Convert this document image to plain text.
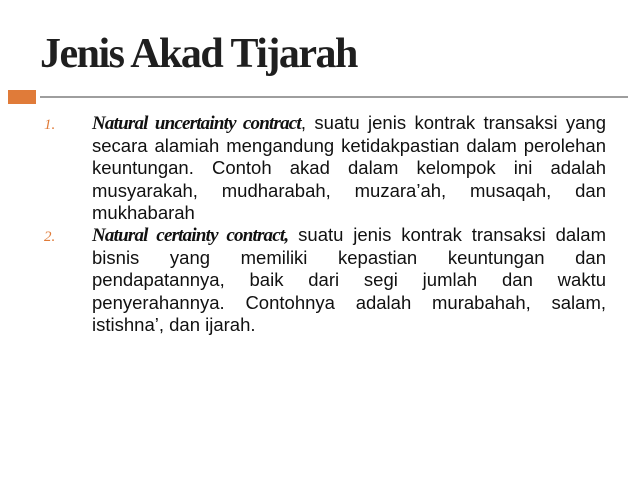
Jenis Akad Tijarah
1. Natural uncertainty contract, suatu jenis kontrak transaksi yang secara alamiah mengandung ketidakpastian dalam perolehan keuntungan. Contoh akad dalam kelompok ini adalah musyarakah, mudharabah, muzara’ah, musaqah, dan mukhabarah
2. Natural certainty contract, suatu jenis kontrak transaksi dalam bisnis yang memiliki kepastian keuntungan dan pendapatannya, baik dari segi jumlah dan waktu penyerahannya. Contohnya adalah murabahah, salam, istishna’, dan ijarah.
